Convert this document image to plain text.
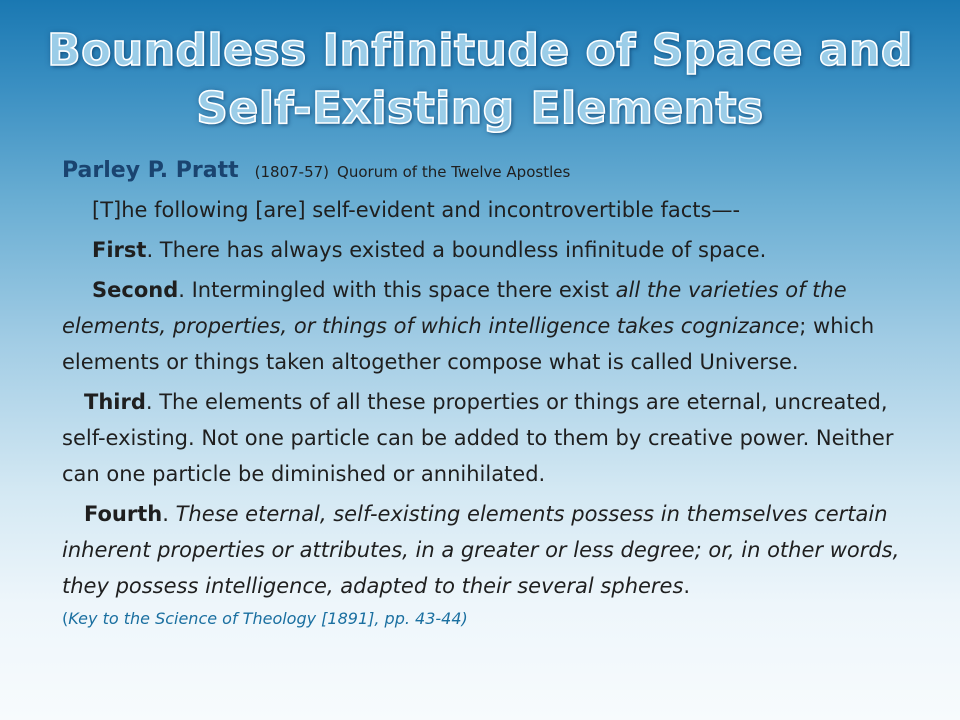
Boundless Infinitude of Space and Self-Existing Elements

Parley P. Pratt (1807-57) Quorum of the Twelve Apostles

[T]he following [are] self-evident and incontrovertible facts—-

First. There has always existed a boundless infinitude of space.

Second. Intermingled with this space there exist all the varieties of the elements, properties, or things of which intelligence takes cognizance; which elements or things taken altogether compose what is called Universe.

Third. The elements of all these properties or things are eternal, uncreated, self-existing. Not one particle can be added to them by creative power. Neither can one particle be diminished or annihilated.

Fourth. These eternal, self-existing elements possess in themselves certain inherent properties or attributes, in a greater or less degree; or, in other words, they possess intelligence, adapted to their several spheres.

(Key to the Science of Theology [1891], pp. 43-44)
